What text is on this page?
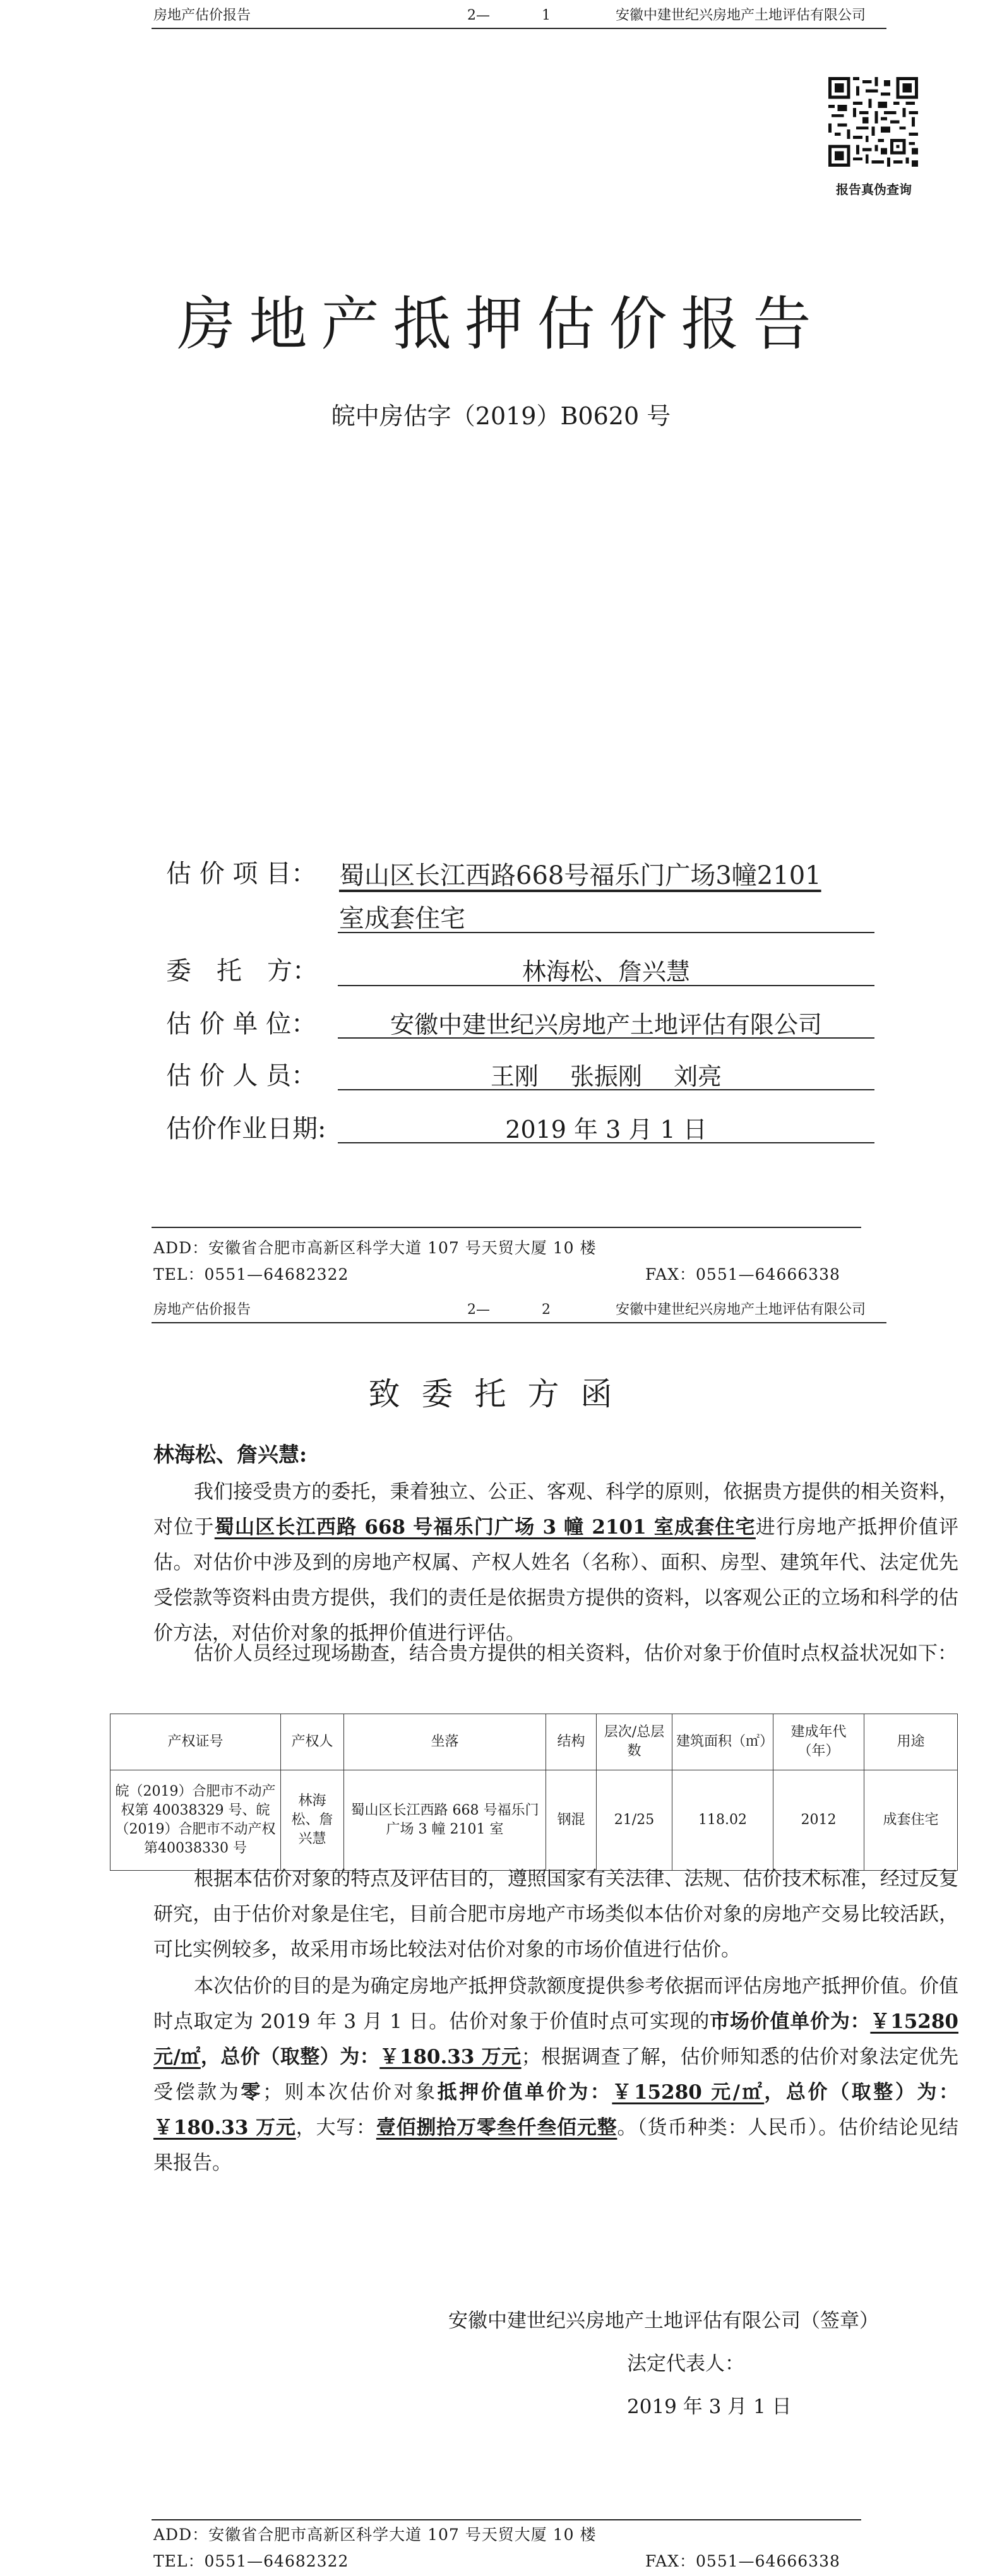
房地产估价报告	2—	1	安徽中建世纪兴房地产土地评估有限公司
报告真伪查询
房地产抵押估价报告
皖中房估字（2019）B0620 号
估 价 项 目： 蜀山区长江西路668号福乐门广场3幢2101
室成套住宅
委　托　方：	林海松、詹兴慧
估 价 单 位：	安徽中建世纪兴房地产土地评估有限公司
估 价 人 员：	王刚　 张振刚　 刘亮
估价作业日期:	2019 年 3 月 1 日
ADD：安徽省合肥市高新区科学大道 107 号天贸大厦 10 楼
TEL：0551—64682322	FAX：0551—64666338
房地产估价报告	2—	2	安徽中建世纪兴房地产土地评估有限公司
致委托方函
林海松、詹兴慧:

我们接受贵方的委托，秉着独立、公正、客观、科学的原则，依据贵方提供的相关资料，对位于蜀山区长江西路 668 号福乐门广场 3 幢 2101 室成套住宅进行房地产抵押价值评估。对估价中涉及到的房地产权属、产权人姓名（名称）、面积、房型、建筑年代、法定优先受偿款等资料由贵方提供，我们的责任是依据贵方提供的资料，以客观公正的立场和科学的估价方法，对估价对象的抵押价值进行评估。

估价人员经过现场勘查，结合贵方提供的相关资料，估价对象于价值时点权益状况如下：

产权证号	产权人	坐落	结构	层次/总层数	建筑面积（㎡）	建成年代（年）	用途
皖（2019）合肥市不动产权第 40038329 号、皖（2019）合肥市不动产权第40038330 号	林海松、詹兴慧	蜀山区长江西路 668 号福乐门广场 3 幢 2101 室	钢混	21/25	118.02	2012	成套住宅

根据本估价对象的特点及评估目的，遵照国家有关法律、法规、估价技术标准，经过反复研究，由于估价对象是住宅，目前合肥市房地产市场类似本估价对象的房地产交易比较活跃，可比实例较多，故采用市场比较法对估价对象的市场价值进行估价。

本次估价的目的是为确定房地产抵押贷款额度提供参考依据而评估房地产抵押价值。价值时点取定为 2019 年 3 月 1 日。估价对象于价值时点可实现的市场价值单价为：￥15280 元/㎡，总价（取整）为：￥180.33 万元；根据调查了解，估价师知悉的估价对象法定优先受偿款为零；则本次估价对象抵押价值单价为：￥15280 元/㎡，总价（取整）为：￥180.33 万元，大写：壹佰捌拾万零叁仟叁佰元整。（货币种类：人民币）。估价结论见结果报告。

安徽中建世纪兴房地产土地评估有限公司（签章）
法定代表人：
2019 年 3 月 1 日
ADD：安徽省合肥市高新区科学大道 107 号天贸大厦 10 楼
TEL：0551—64682322	FAX：0551—64666338
